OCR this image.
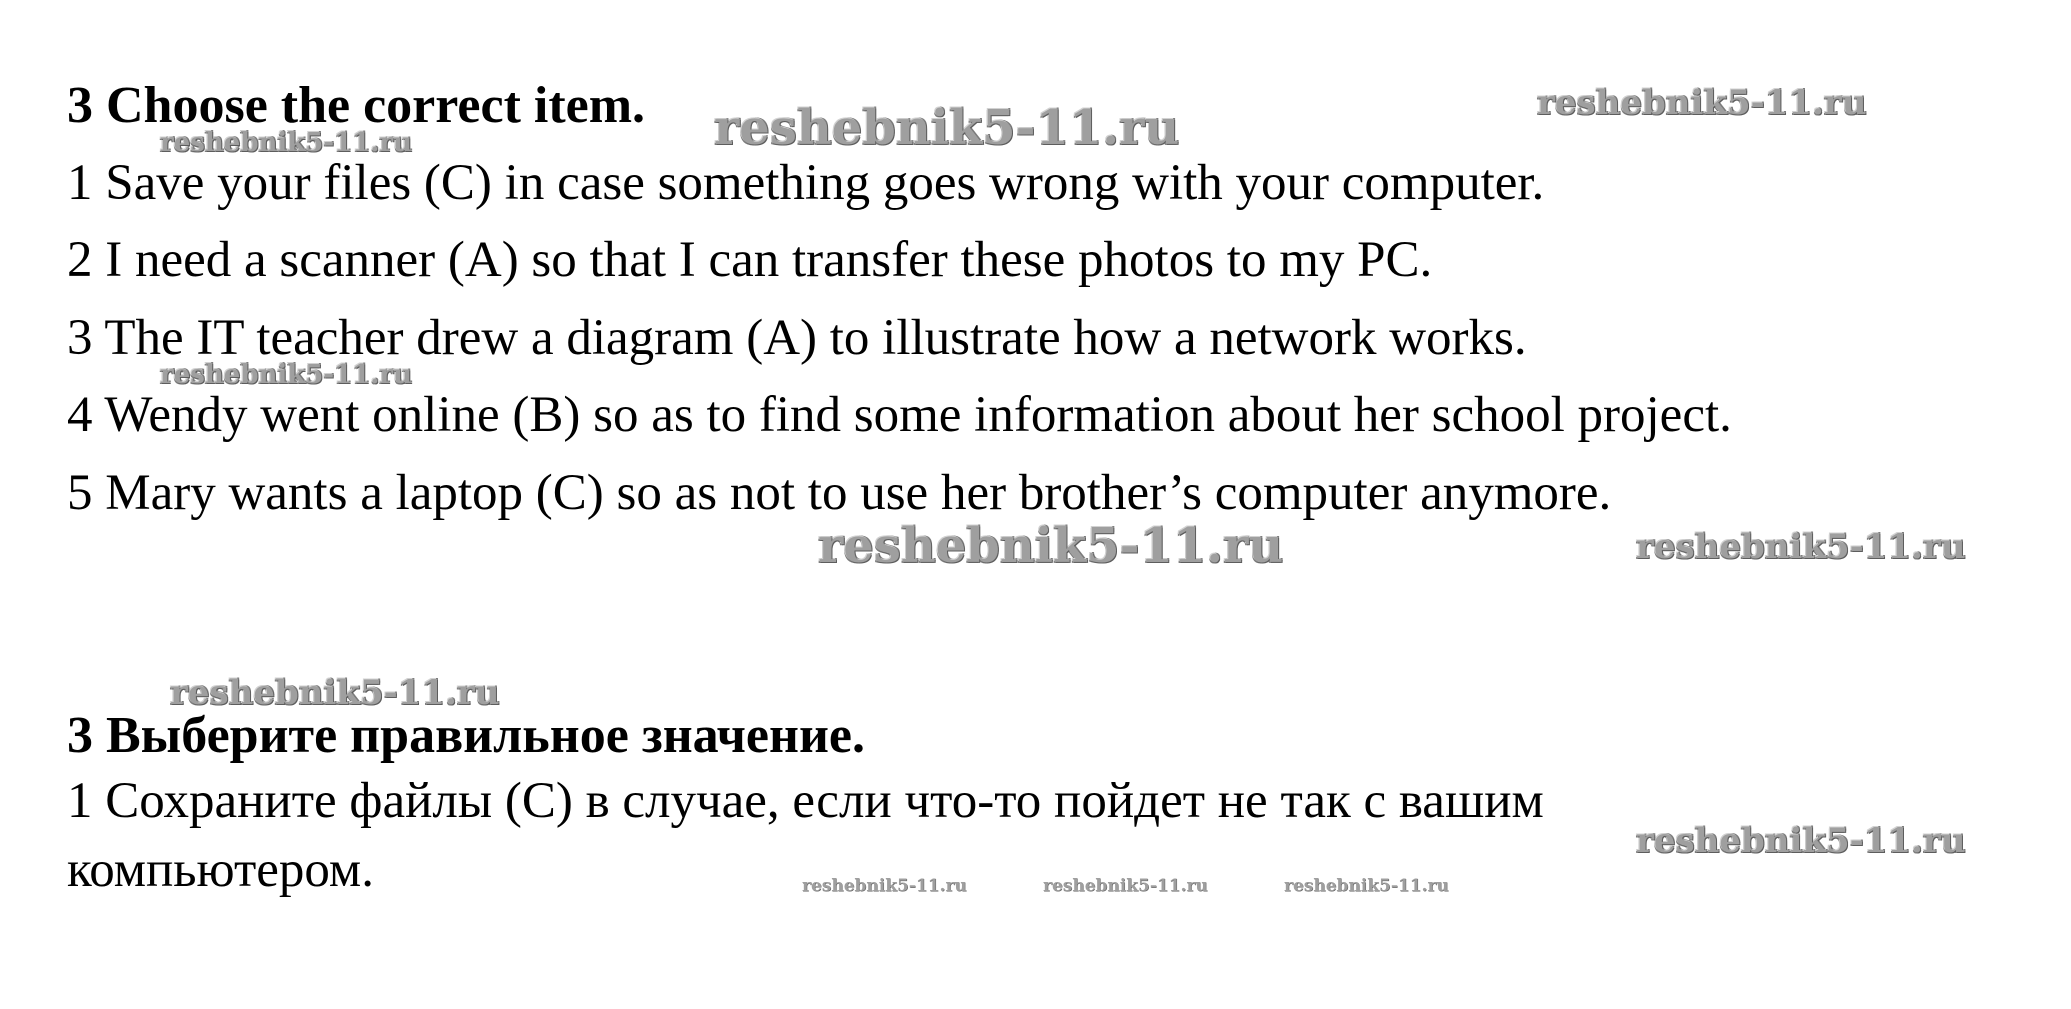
3 Choose the correct item.
1 Save your files (C) in case something goes wrong with your computer.
2 I need a scanner (A) so that I can transfer these photos to my PC.
3 The IT teacher drew a diagram (A) to illustrate how a network works.
4 Wendy went online (B) so as to find some information about her school project.
5 Mary wants a laptop (C) so as not to use her brother’s computer anymore.
3 Выберите правильное значение.
1 Сохраните файлы (C) в случае, если что-то пойдет не так с вашим
компьютером.
reshebnik5-11.ru	reshebnik5-11.ru
reshebnik5-11.ru
reshebnik5-11.ru
reshebnik5-11.ru	reshebnik5-11.ru
reshebnik5-11.ru
reshebnik5-11.ru
reshebnik5-11.ru	reshebnik5-11.ru	reshebnik5-11.ru
